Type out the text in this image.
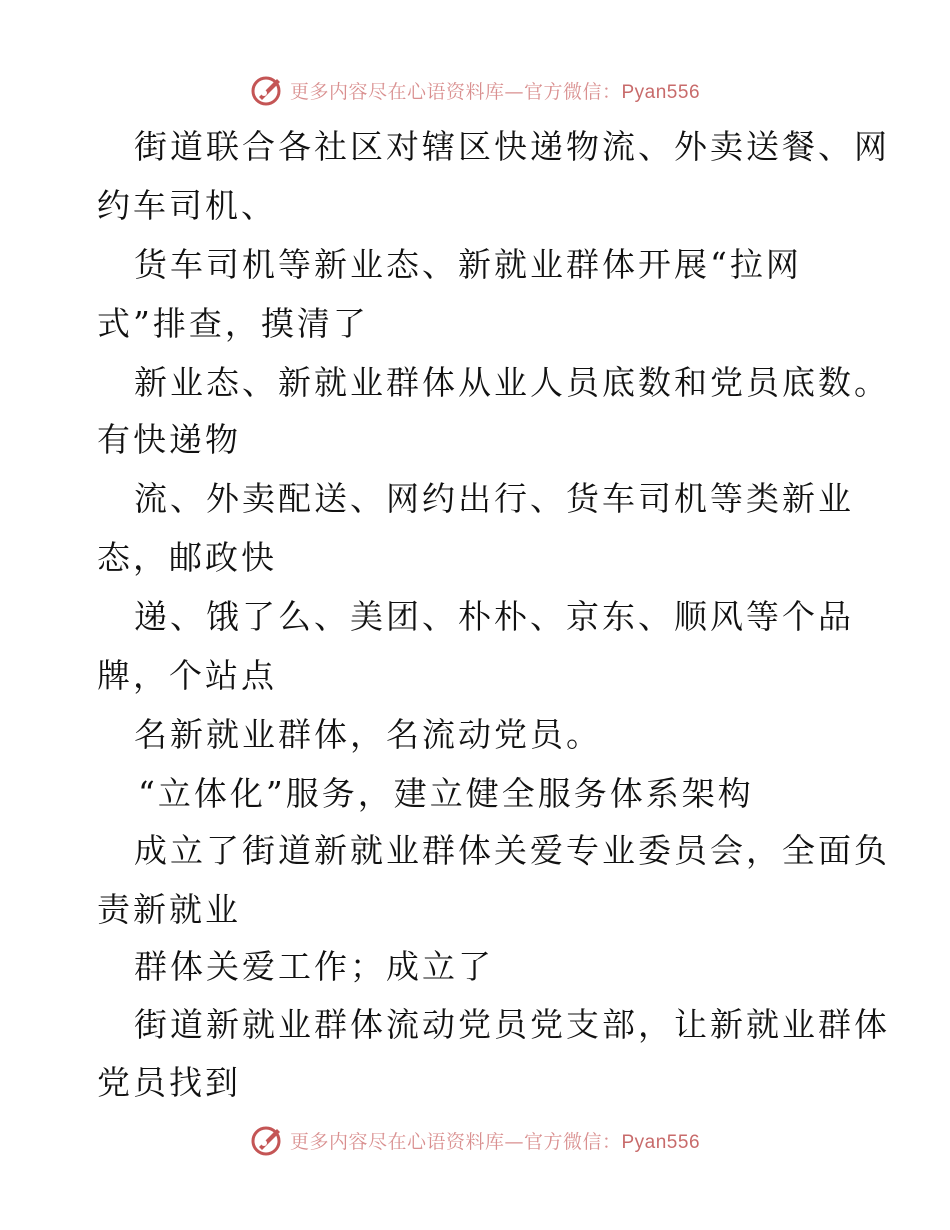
更多内容尽在心语资料库—官方微信：Pyan556
街道联合各社区对辖区快递物流、外卖送餐、网
约车司机、
货车司机等新业态、新就业群体开展“拉网
式”排查，摸清了
新业态、新就业群体从业人员底数和党员底数。
有快递物
流、外卖配送、网约出行、货车司机等类新业
态，邮政快
递、饿了么、美团、朴朴、京东、顺风等个品
牌，个站点
名新就业群体，名流动党员。
“立体化”服务，建立健全服务体系架构
成立了街道新就业群体关爱专业委员会，全面负
责新就业
群体关爱工作；成立了
街道新就业群体流动党员党支部，让新就业群体
党员找到
更多内容尽在心语资料库—官方微信：Pyan556
